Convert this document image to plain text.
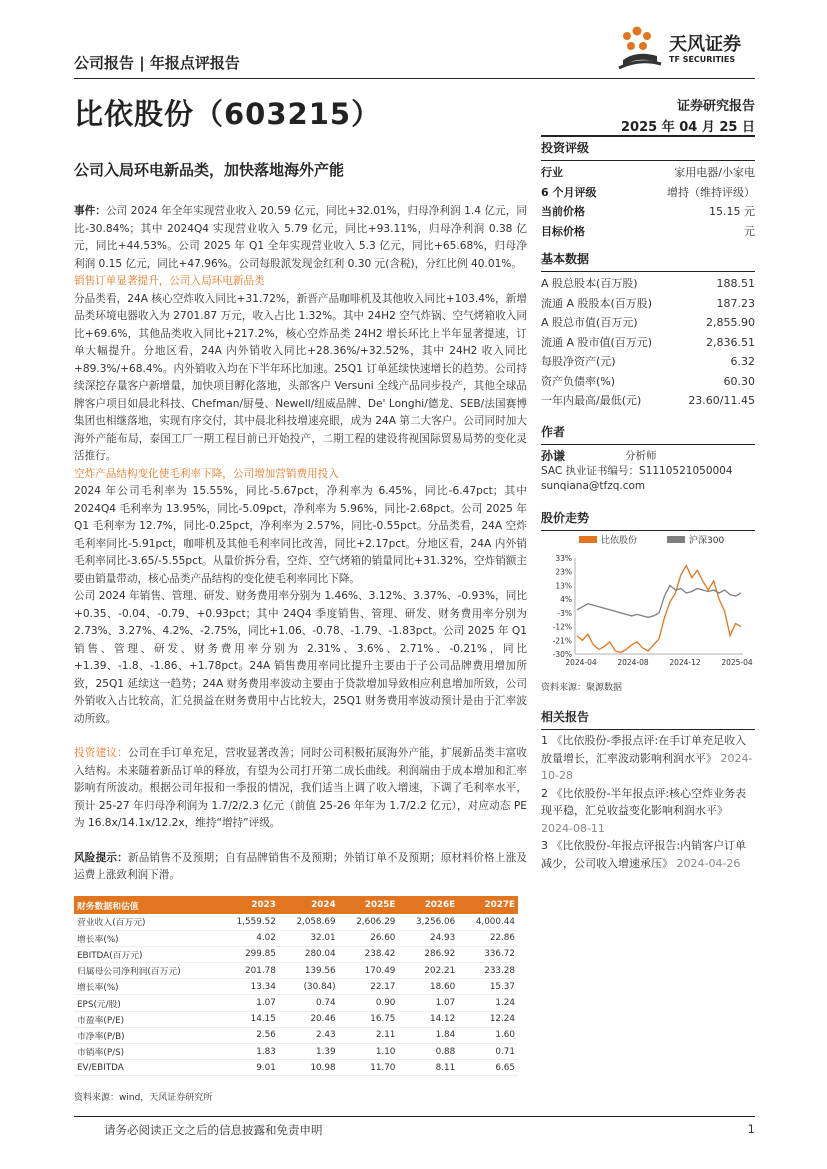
公司报告 | 年报点评报告
比依股份（603215）
公司入局环电新品类，加快落地海外产能
天风证券
TF SECURITIES
证券研究报告
2025 年 04 月 25 日

事件：公司 2024 年全年实现营业收入 20.59 亿元，同比+32.01%，归母净利润 1.4 亿元，同比-30.84%；其中 2024Q4 实现营业收入 5.79 亿元，同比+93.11%，归母净利润 0.38 亿元，同比+44.53%。公司 2025 年 Q1 全年实现营业收入 5.3 亿元，同比+65.68%，归母净利润 0.15 亿元，同比+47.96%。公司每股派发现金红利 0.30 元(含税)，分红比例 40.01%。

销售订单显著提升，公司入局环电新品类

分品类看，24A 核心空炸收入同比+31.72%，新晋产品咖啡机及其他收入同比+103.4%，新增品类环境电器收入为 2701.87 万元，收入占比 1.32%。其中 24H2 空气炸锅、空气烤箱收入同比+69.6%，其他品类收入同比+217.2%，核心空炸品类 24H2 增长环比上半年显著提速，订单大幅提升。分地区看，24A 内外销收入同比+28.36%/+32.52%，其中 24H2 收入同比+89.3%/+68.4%。内外销收入均在下半年环比加速。25Q1 订单延续快速增长的趋势。公司持续深挖存量客户新增量，加快项目孵化落地，头部客户 Versuni 全线产品同步投产，其他全球品牌客户项目如晨北科技、Chefman/厨曼、Newell/纽威品牌、De' Longhi/德龙、SEB/法国赛博集团也相继落地，实现有序交付，其中晨北科技增速亮眼，成为 24A 第二大客户。公司同时加大海外产能布局，泰国工厂一期工程目前已开始投产，二期工程的建设将视国际贸易局势的变化灵活推行。

空炸产品结构变化使毛利率下降，公司增加营销费用投入

2024 年公司毛利率为 15.55%，同比-5.67pct，净利率为 6.45%，同比-6.47pct；其中 2024Q4 毛利率为 13.95%，同比-5.09pct，净利率为 5.96%，同比-2.68pct。公司 2025 年 Q1 毛利率为 12.7%，同比-0.25pct，净利率为 2.57%，同比-0.55pct。分品类看，24A 空炸毛利率同比-5.91pct，咖啡机及其他毛利率同比改善，同比+2.17pct。分地区看，24A 内外销毛利率同比-3.65/-5.55pct。从量价拆分看，空炸、空气烤箱的销量同比+31.32%，空炸销额主要由销量带动，核心品类产品结构的变化使毛利率同比下降。

公司 2024 年销售、管理、研发、财务费用率分别为 1.46%、3.12%、3.37%、-0.93%，同比+0.35、-0.04、-0.79、+0.93pct；其中 24Q4 季度销售、管理、研发、财务费用率分别为 2.73%、3.27%、4.2%、-2.75%，同比+1.06、-0.78、-1.79、-1.83pct。公司 2025 年 Q1 销售、管理、研发、财务费用率分别为 2.31%、3.6%、2.71%、-0.21%，同比+1.39、-1.8、-1.86、+1.78pct。24A 销售费用率同比提升主要由于子公司品牌费用增加所致，25Q1 延续这一趋势；24A 财务费用率波动主要由于贷款增加导致相应利息增加所致，公司外销收入占比较高，汇兑损益在财务费用中占比较大，25Q1 财务费用率波动预计是由于汇率波动所致。

投资建议：公司在手订单充足，营收显著改善；同时公司积极拓展海外产能，扩展新品类丰富收入结构。未来随着新品订单的释放，有望为公司打开第二成长曲线。利润端由于成本增加和汇率影响有所波动。根据公司年报和一季报的情况，我们适当上调了收入增速，下调了毛利率水平，预计 25-27 年归母净利润为 1.7/2/2.3 亿元（前值 25-26 年年为 1.7/2.2 亿元），对应动态 PE 为 16.8x/14.1x/12.2x，维持“增持”评级。

风险提示：新品销售不及预期；自有品牌销售不及预期；外销订单不及预期；原材料价格上涨及运费上涨致利润下滑。

投资评级
行业	家用电器/小家电
6 个月评级	增持（维持评级）
当前价格	15.15 元
目标价格	元
基本数据
A 股总股本(百万股)	188.51
流通 A 股股本(百万股)	187.23
A 股总市值(百万元)	2,855.90
流通 A 股市值(百万元)	2,836.51
每股净资产(元)	6.32
资产负债率(%)	60.30
一年内最高/最低(元)	23.60/11.45
作者
孙谦	分析师
SAC 执业证书编号：S1110521050004
sunqiana@tfzq.com
股价走势
比依股份	沪深300
33%
23%
13%
4%
-3%
-12%
-21%
-30%
2024-04	2024-08	2024-12	2025-04
资料来源：聚源数据
相关报告

1 《比依股份-季报点评:在手订单充足收入放量增长，汇率波动影响利润水平》 2024-10-28

2 《比依股份-半年报点评:核心空炸业务表现平稳，汇兑收益变化影响利润水平》 2024-08-11

3 《比依股份-年报点评报告:内销客户订单减少，公司收入增速承压》 2024-04-26

财务数据和估值	2023	2024	2025E	2026E	2027E
营业收入(百万元)	1,559.52	2,058.69	2,606.29	3,256.06	4,000.44
增长率(%)	4.02	32.01	26.60	24.93	22.86
EBITDA(百万元)	299.85	280.04	238.42	286.92	336.72
归属母公司净利润(百万元)	201.78	139.56	170.49	202.21	233.28
增长率(%)	13.34	(30.84)	22.17	18.60	15.37
EPS(元/股)	1.07	0.74	0.90	1.07	1.24
市盈率(P/E)	14.15	20.46	16.75	14.12	12.24
市净率(P/B)	2.56	2.43	2.11	1.84	1.60
市销率(P/S)	1.83	1.39	1.10	0.88	0.71
EV/EBITDA	9.01	10.98	11.70	8.11	6.65
资料来源：wind，天风证券研究所
请务必阅读正文之后的信息披露和免责申明	1
